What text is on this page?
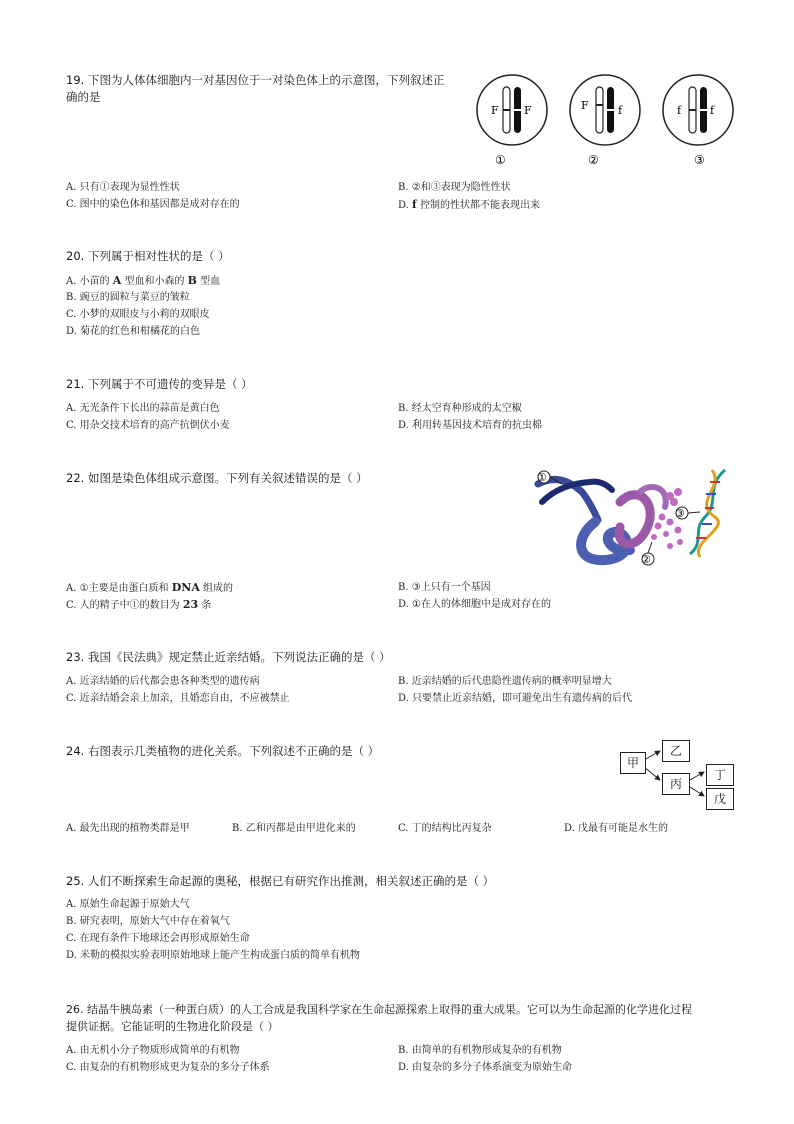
19. 下图为人体体细胞内一对基因位于一对染色体上的示意图，下列叙述正
确的是
F F	F	f	f	f
①	②	③
A. 只有①表现为显性性状	B. ②和③表现为隐性性状
C. 图中的染色体和基因都是成对存在的	D. f 控制的性状都不能表现出来
20. 下列属于相对性状的是（ ）
A. 小苗的 A 型血和小森的 B 型血
B. 豌豆的圆粒与菜豆的皱粒
C. 小梦的双眼皮与小莉的双眼皮
D. 菊花的红色和柑橘花的白色
21. 下列属于不可遗传的变异是（ ）
A. 无光条件下长出的蒜苗是黄白色	B. 经太空育种形成的太空椒
C. 用杂交技术培育的高产抗倒伏小麦	D. 利用转基因技术培育的抗虫棉
22. 如图是染色体组成示意图。下列有关叙述错误的是（ ）	①
②
③
A. ①主要是由蛋白质和 DNA 组成的	B. ③上只有一个基因
C. 人的精子中①的数目为 23 条	D. ①在人的体细胞中是成对存在的
23. 我国《民法典》规定禁止近亲结婚。下列说法正确的是（ ）
A. 近亲结婚的后代都会患各种类型的遗传病	B. 近亲结婚的后代患隐性遗传病的概率明显增大
C. 近亲结婚会亲上加亲，且婚恋自由，不应被禁止	D. 只要禁止近亲结婚，即可避免出生有遗传病的后代
24. 右图表示几类植物的进化关系。下列叙述不正确的是（ ）
甲
乙
丙
丁
戊
A. 最先出现的植物类群是甲	B. 乙和丙都是由甲进化来的	C. 丁的结构比丙复杂	D. 戊最有可能是水生的
25. 人们不断探索生命起源的奥秘，根据已有研究作出推测，相关叙述正确的是（ ）
A. 原始生命起源于原始大气
B. 研究表明，原始大气中存在着氧气
C. 在现有条件下地球还会再形成原始生命
D. 米勒的模拟实验表明原始地球上能产生构成蛋白质的简单有机物
26. 结晶牛胰岛素（一种蛋白质）的人工合成是我国科学家在生命起源探索上取得的重大成果。它可以为生命起源的化学进化过程
提供证据。它能证明的生物进化阶段是（ ）
A. 由无机小分子物质形成简单的有机物	B. 由简单的有机物形成复杂的有机物
C. 由复杂的有机物形成更为复杂的多分子体系	D. 由复杂的多分子体系演变为原始生命
